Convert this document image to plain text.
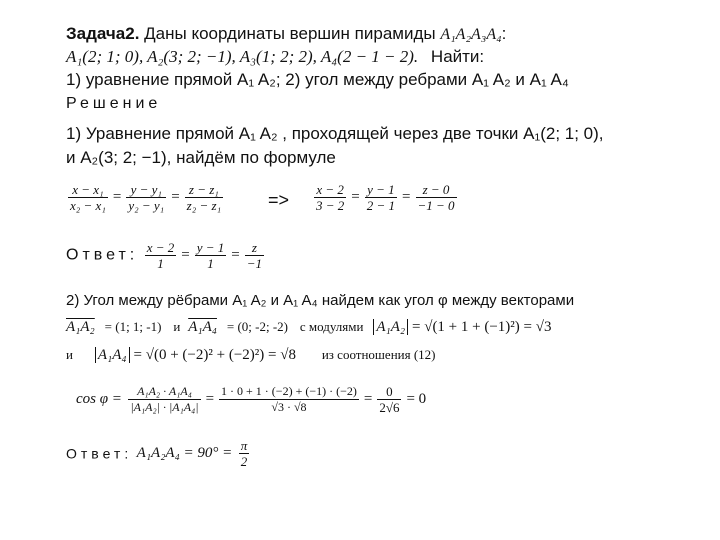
Задача2. Даны координаты вершин пирамиды A₁A₂A₃A₄:
A₁(2; 1; 0), A₂(3; 2; −1), A₃(1; 2; 2), A₄(2 − 1 − 2). Найти:
1) уравнение прямой A₁ A₂; 2) угол между ребрами A₁ A₂ и A₁ A₄
Решение
1) Уравнение прямой A₁ A₂ , проходящей через две точки A₁(2; 1; 0),
и A₂(3; 2; −1), найдём по формуле
$\frac{\text{x − x₁}}{\text{x₂ − x₁}} = \frac{\text{y − y₁}}{\text{y₂ − y₁}} = \frac{\text{z − z₁}}{\text{z₂ − z₁}} => \frac{x - 2}{3 - 2} = \frac{y - 1}{2 - 1} = \frac{z - 0}{-1 - 0}$
Ответ: $\frac{x - 2}{1} = \frac{y - 1}{1} = \frac{z}{-1}$
2) Угол между рёбрами A₁ A₂ и A₁ A₄ найдем как угол φ между векторами
A₁A₂ = (1; 1; -1) и A₁A₄ = (0; -2; -2) с модулями A₁A₂ = √(1 + 1 + (−1)²) = √3
и A₁A₄ = √(0 + (−2)² + (−2)²) = √8 из соотношения (12)
$\cos \varphi = \frac{\text{A₁A₂ · A₁A₄}}{\text{|A₁A₂| · |A₁A₄|}} = \frac{1 \cdot 0 + 1 \cdot (-2) + (-1) \cdot (-2)}{√3 \cdot √8} = \frac{0}{2√6} = 0$
Ответ: $A_1A_2A_4 = 90^\circ = \frac{\pi}{2}$
